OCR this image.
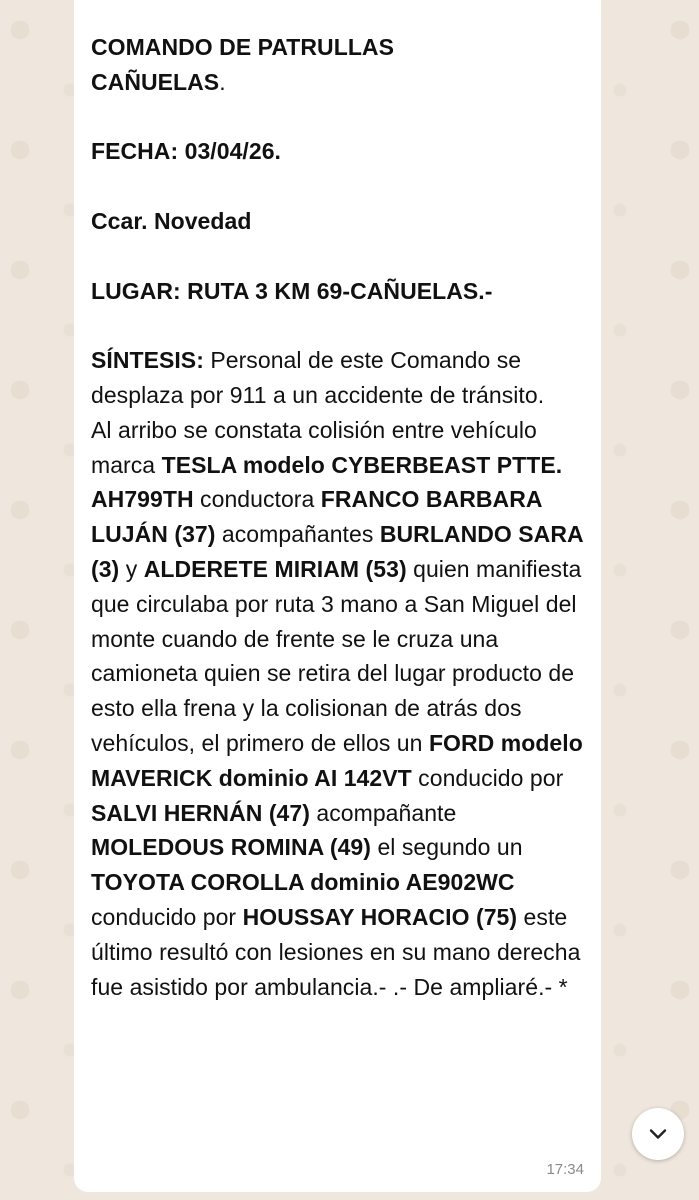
COMANDO DE PATRULLAS
CAÑUELAS.

FECHA: 03/04/26.

Ccar. Novedad

LUGAR: RUTA 3 KM 69-CAÑUELAS.-

SÍNTESIS: Personal de este Comando se desplaza por 911 a un accidente de tránsito.

Al arribo se constata colisión entre vehículo marca TESLA modelo CYBERBEAST PTTE. AH799TH conductora FRANCO BARBARA LUJÁN (37) acompañantes BURLANDO SARA (3) y ALDERETE MIRIAM (53) quien manifiesta que circulaba por ruta 3 mano a San Miguel del monte cuando de frente se le cruza una camioneta quien se retira del lugar producto de esto ella frena y la colisionan de atrás dos vehículos, el primero de ellos un FORD modelo MAVERICK dominio AI 142VT conducido por SALVI HERNÁN (47) acompañante MOLEDOUS ROMINA (49) el segundo un TOYOTA COROLLA dominio AE902WC conducido por HOUSSAY HORACIO (75) este último resultó con lesiones en su mano derecha fue asistido por ambulancia.- .- De ampliaré.- *

17:34
